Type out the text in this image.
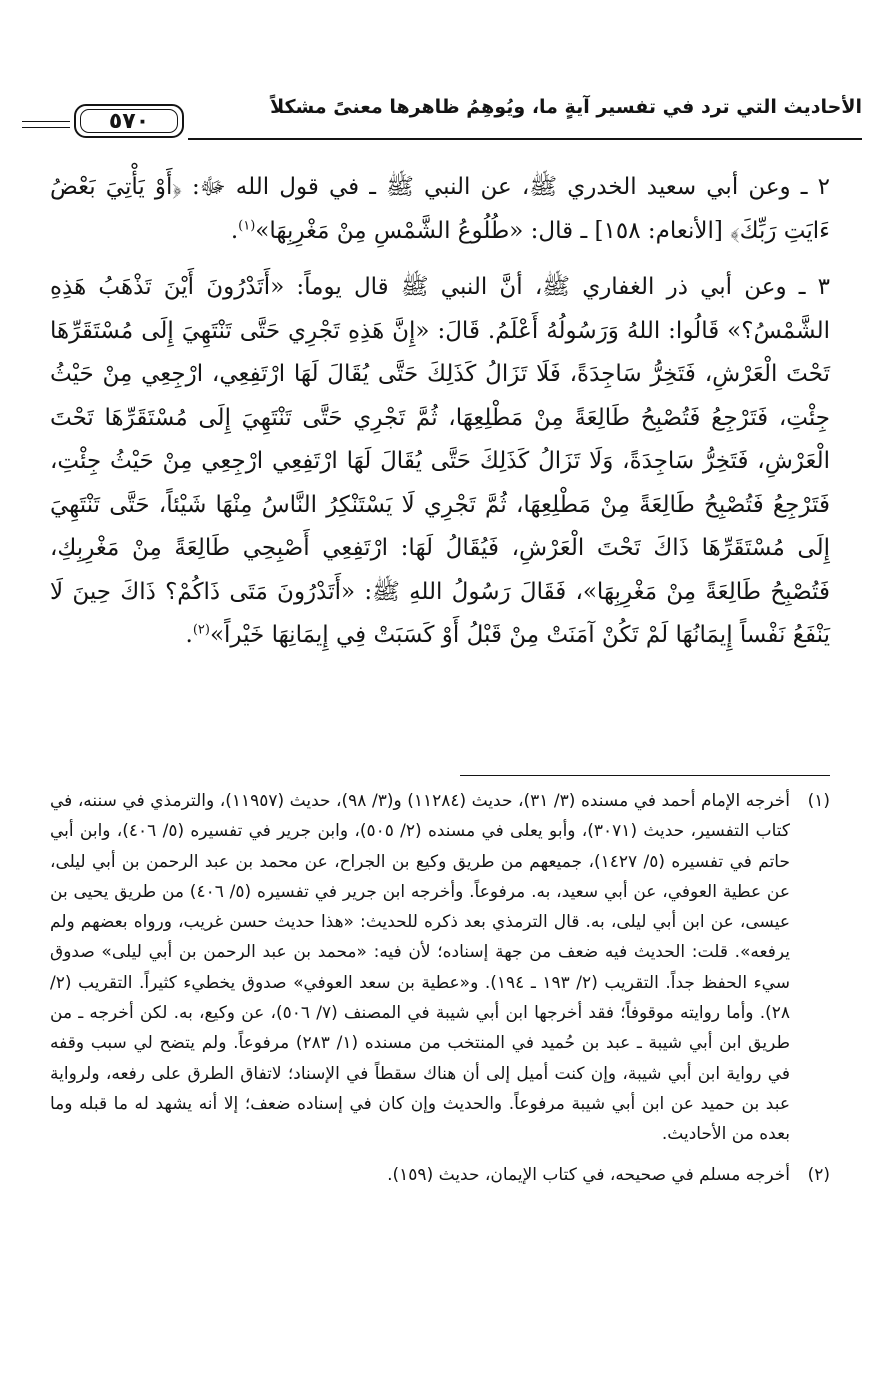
الأحاديث التي ترد في تفسير آيةٍ ما، ويُوهِمُ ظاهرها معنىً مشكلاً
٥٧٠

٢ ـ وعن أبي سعيد الخدري ﷺ، عن النبي ﷺ ـ في قول الله ﷻ: ﴿أَوْ يَأْتِيَ بَعْضُ ءَايَتِ رَبِّكَ﴾ [الأنعام: ١٥٨] ـ قال: «طُلُوعُ الشَّمْسِ مِنْ مَغْرِبِهَا»$^{(١)}$.

٣ ـ وعن أبي ذر الغفاري ﷺ، أنَّ النبي ﷺ قال يوماً: «أَتَدْرُونَ أَيْنَ تَذْهَبُ هَذِهِ الشَّمْسُ؟» قَالُوا: اللهُ وَرَسُولُهُ أَعْلَمُ. قَالَ: «إِنَّ هَذِهِ تَجْرِي حَتَّى تَنْتَهِيَ إِلَى مُسْتَقَرِّهَا تَحْتَ الْعَرْشِ، فَتَخِرُّ سَاجِدَةً، فَلَا تَزَالُ كَذَلِكَ حَتَّى يُقَالَ لَهَا ارْتَفِعِي، ارْجِعِي مِنْ حَيْثُ جِئْتِ، فَتَرْجِعُ فَتُصْبِحُ طَالِعَةً مِنْ مَطْلِعِهَا، ثُمَّ تَجْرِي حَتَّى تَنْتَهِيَ إِلَى مُسْتَقَرِّهَا تَحْتَ الْعَرْشِ، فَتَخِرُّ سَاجِدَةً، وَلَا تَزَالُ كَذَلِكَ حَتَّى يُقَالَ لَهَا ارْتَفِعِي ارْجِعِي مِنْ حَيْثُ جِئْتِ، فَتَرْجِعُ فَتُصْبِحُ طَالِعَةً مِنْ مَطْلِعِهَا، ثُمَّ تَجْرِي لَا يَسْتَنْكِرُ النَّاسُ مِنْهَا شَيْئاً، حَتَّى تَنْتَهِيَ إِلَى مُسْتَقَرِّهَا ذَاكَ تَحْتَ الْعَرْشِ، فَيُقَالُ لَهَا: ارْتَفِعِي أَصْبِحِي طَالِعَةً مِنْ مَغْرِبِكِ، فَتُصْبِحُ طَالِعَةً مِنْ مَغْرِبِهَا»، فَقَالَ رَسُولُ اللهِ ﷺ: «أَتَدْرُونَ مَتَى ذَاكُمْ؟ ذَاكَ حِينَ لَا يَنْفَعُ نَفْساً إِيمَانُهَا لَمْ تَكُنْ آمَنَتْ مِنْ قَبْلُ أَوْ كَسَبَتْ فِي إِيمَانِهَا خَيْراً»$^{(٢)}$.

(١)
أخرجه الإمام أحمد في مسنده (٣/ ٣١)، حديث (١١٢٨٤) و(٣/ ٩٨)، حديث (١١٩٥٧)، والترمذي في سننه، في كتاب التفسير، حديث (٣٠٧١)، وأبو يعلى في مسنده (٢/ ٥٠٥)، وابن جرير في تفسيره (٥/ ٤٠٦)، وابن أبي حاتم في تفسيره (٥/ ١٤٢٧)، جميعهم من طريق وكيع بن الجراح، عن محمد بن عبد الرحمن بن أبي ليلى، عن عطية العوفي، عن أبي سعيد، به. مرفوعاً. وأخرجه ابن جرير في تفسيره (٥/ ٤٠٦) من طريق يحيى بن عيسى، عن ابن أبي ليلى، به. قال الترمذي بعد ذكره للحديث: «هذا حديث حسن غريب، ورواه بعضهم ولم يرفعه». قلت: الحديث فيه ضعف من جهة إسناده؛ لأن فيه: «محمد بن عبد الرحمن بن أبي ليلى» صدوق سيء الحفظ جداً. التقريب (٢/ ١٩٣ ـ ١٩٤). و«عطية بن سعد العوفي» صدوق يخطيء كثيراً. التقريب (٢/ ٢٨). وأما روايته موقوفاً؛ فقد أخرجها ابن أبي شيبة في المصنف (٧/ ٥٠٦)، عن وكيع، به. لكن أخرجه ـ من طريق ابن أبي شيبة ـ عبد بن حُميد في المنتخب من مسنده (١/ ٢٨٣) مرفوعاً. ولم يتضح لي سبب وقفه في رواية ابن أبي شيبة، وإن كنت أميل إلى أن هناك سقطاً في الإسناد؛ لاتفاق الطرق على رفعه، ولرواية عبد بن حميد عن ابن أبي شيبة مرفوعاً. والحديث وإن كان في إسناده ضعف؛ إلا أنه يشهد له ما قبله وما بعده من الأحاديث.
(٢)
أخرجه مسلم في صحيحه، في كتاب الإيمان، حديث (١٥٩).
